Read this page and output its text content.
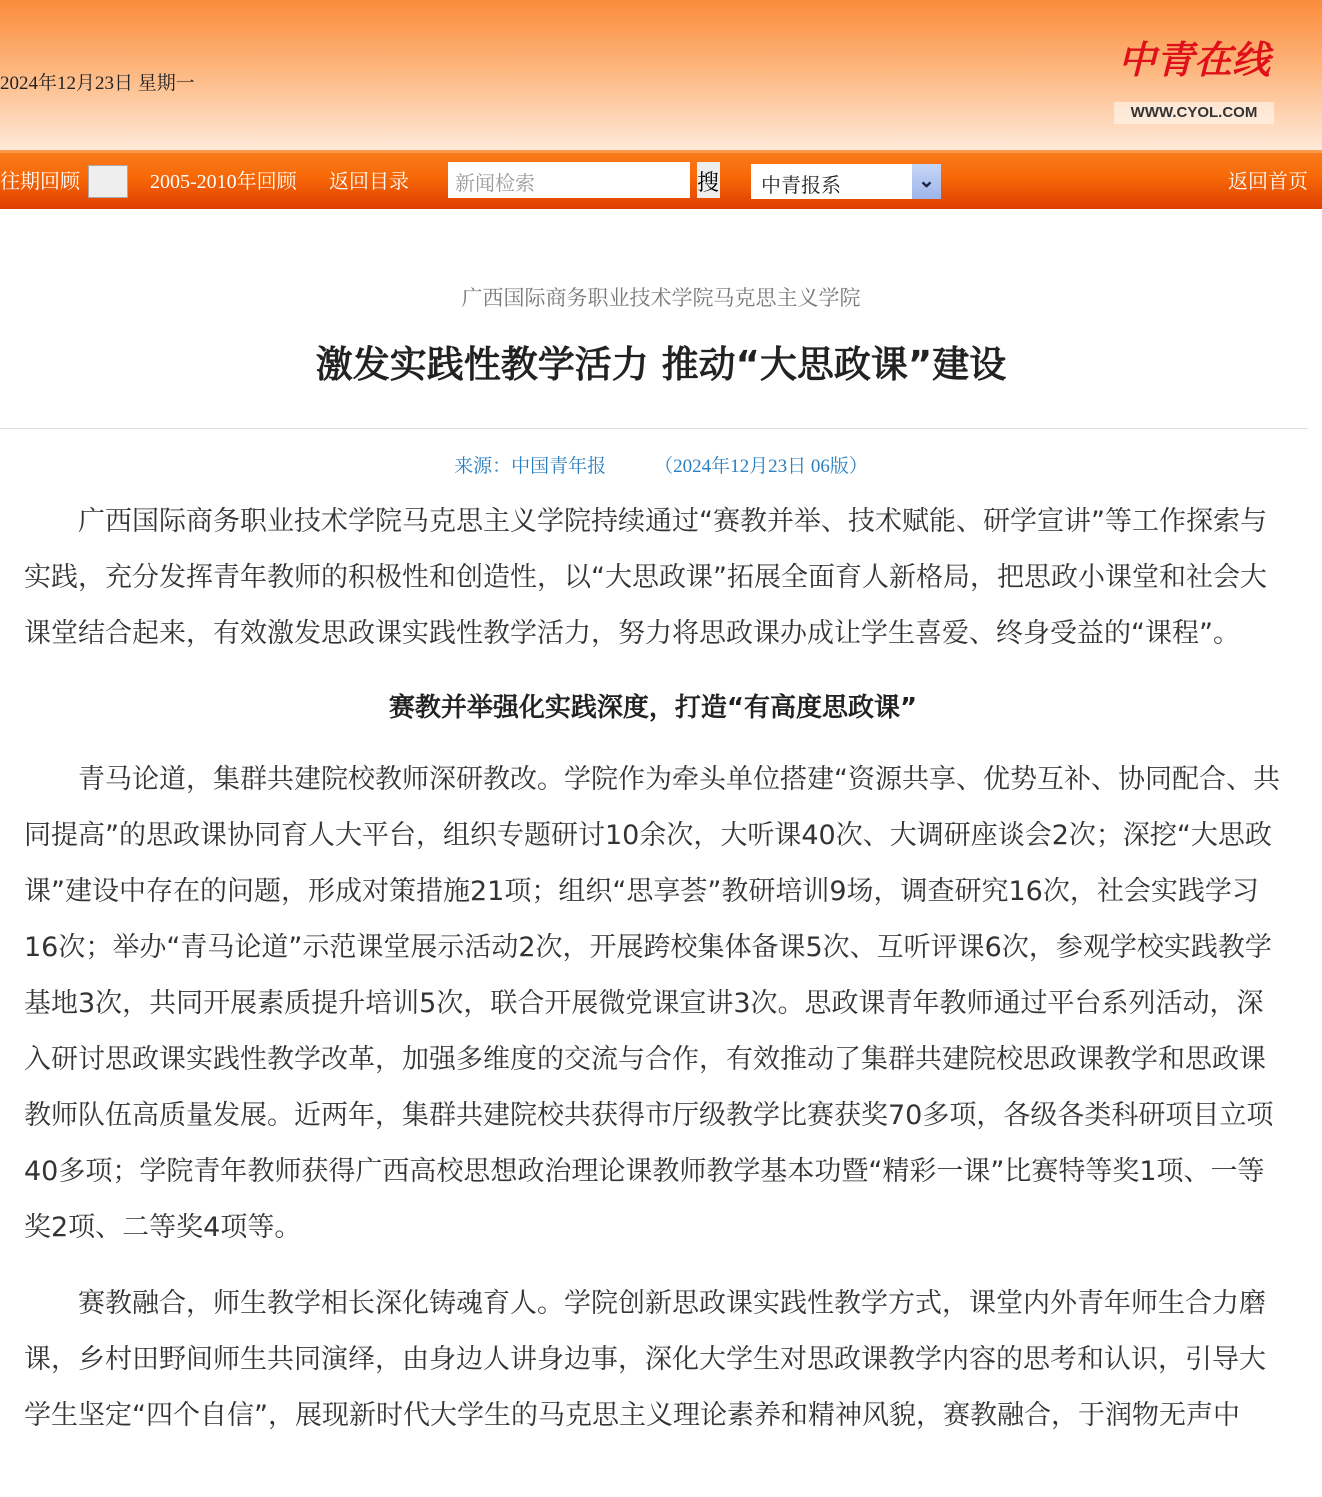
2024年12月23日 星期一
中青在线
WWW.CYOL.COM
往期回顾	2005-2010年回顾 返回目录	新闻检索	搜	中青报系	⌄	返回首页
广西国际商务职业技术学院马克思主义学院
激发实践性教学活力 推动“大思政课”建设
来源：中国青年报	（2024年12月23日 06版）

广西国际商务职业技术学院马克思主义学院持续通过“赛教并举、技术赋能、研学宣讲”等工作探索与实践，充分发挥青年教师的积极性和创造性，以“大思政课”拓展全面育人新格局，把思政小课堂和社会大课堂结合起来，有效激发思政课实践性教学活力，努力将思政课办成让学生喜爱、终身受益的“课程”。

赛教并举强化实践深度，打造“有高度思政课”

青马论道，集群共建院校教师深研教改。学院作为牵头单位搭建“资源共享、优势互补、协同配合、共同提高”的思政课协同育人大平台，组织专题研讨10余次，大听课40次、大调研座谈会2次；深挖“大思政课”建设中存在的问题，形成对策措施21项；组织“思享荟”教研培训9场，调查研究16次，社会实践学习16次；举办“青马论道”示范课堂展示活动2次，开展跨校集体备课5次、互听评课6次，参观学校实践教学基地3次，共同开展素质提升培训5次，联合开展微党课宣讲3次。思政课青年教师通过平台系列活动，深入研讨思政课实践性教学改革，加强多维度的交流与合作，有效推动了集群共建院校思政课教学和思政课教师队伍高质量发展。近两年，集群共建院校共获得市厅级教学比赛获奖70多项，各级各类科研项目立项40多项；学院青年教师获得广西高校思想政治理论课教师教学基本功暨“精彩一课”比赛特等奖1项、一等奖2项、二等奖4项等。

赛教融合，师生教学相长深化铸魂育人。学院创新思政课实践性教学方式，课堂内外青年师生合力磨课，乡村田野间师生共同演绎，由身边人讲身边事，深化大学生对思政课教学内容的思考和认识，引导大学生坚定“四个自信”，展现新时代大学生的马克思主义理论素养和精神风貌，赛教融合，于润物无声中
